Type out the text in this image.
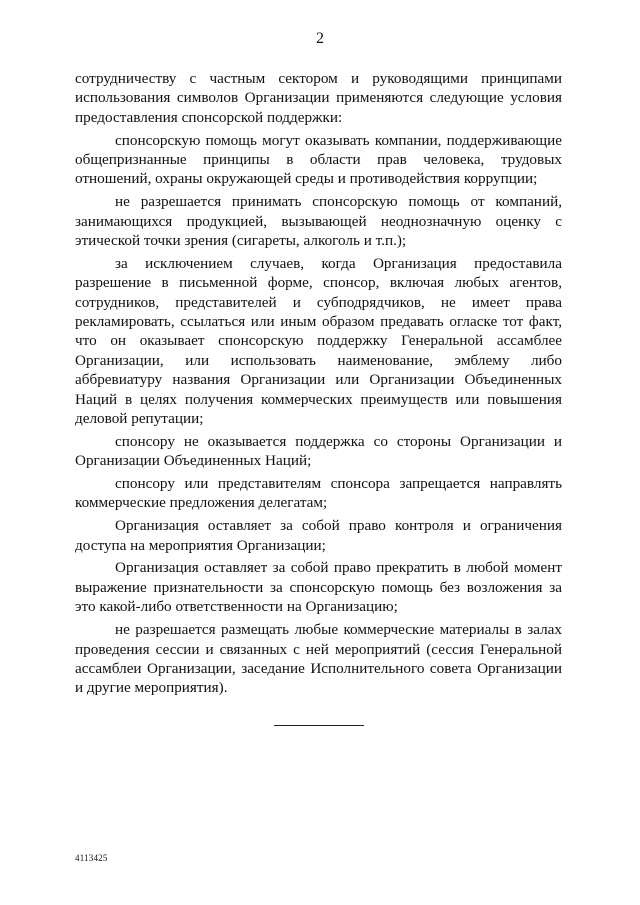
2

сотрудничеству с частным сектором и руководящими принципами использования символов Организации применяются следующие условия предоставления спонсорской поддержки:

спонсорскую помощь могут оказывать компании, поддерживающие общепризнанные принципы в области прав человека, трудовых отношений, охраны окружающей среды и противодействия коррупции;

не разрешается принимать спонсорскую помощь от компаний, занимающихся продукцией, вызывающей неоднозначную оценку с этической точки зрения (сигареты, алкоголь и т.п.);

за исключением случаев, когда Организация предоставила разрешение в письменной форме, спонсор, включая любых агентов, сотрудников, представителей и субподрядчиков, не имеет права рекламировать, ссылаться или иным образом предавать огласке тот факт, что он оказывает спонсорскую поддержку Генеральной ассамблее Организации, или использовать наименование, эмблему либо аббревиатуру названия Организации или Организации Объединенных Наций в целях получения коммерческих преимуществ или повышения деловой репутации;

спонсору не оказывается поддержка со стороны Организации и Организации Объединенных Наций;

спонсору или представителям спонсора запрещается направлять коммерческие предложения делегатам;

Организация оставляет за собой право контроля и ограничения доступа на мероприятия Организации;

Организация оставляет за собой право прекратить в любой момент выражение признательности за спонсорскую помощь без возложения за это какой-либо ответственности на Организацию;

не разрешается размещать любые коммерческие материалы в залах проведения сессии и связанных с ней мероприятий (сессия Генеральной ассамблеи Организации, заседание Исполнительного совета Организации и другие мероприятия).

4113425
